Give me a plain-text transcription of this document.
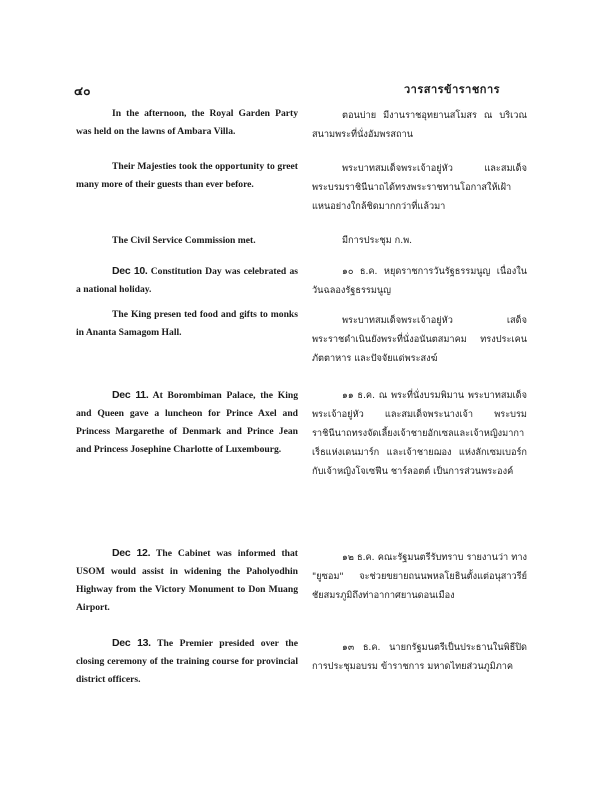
๔๐	วารสารข้าราชการ
In the afternoon, the Royal Garden Party was held on the lawns of Ambara Villa.
Their Majesties took the opportunity to greet many more of their guests than ever before.
The Civil Service Commission met.
Dec 10. Constitution Day was celebrated as a national holiday.
The King presen ted food and gifts to monks in Ananta Samagom Hall.
Dec 11. At Borombiman Palace, the King and Queen gave a luncheon for Prince Axel and Princess Margarethe of Denmark and Prince Jean and Princess Josephine Charlotte of Luxembourg.
Dec 12. The Cabinet was informed that USOM would assist in widening the Paholyodhin Highway from the Victory Monument to Don Muang Airport.
Dec 13. The Premier presided over the closing ceremony of the training course for provincial district officers.
ตอนบ่าย มีงานราชอุทยานสโมสร ณ บริเวณสนามพระที่นั่งอัมพรสถาน
พระบาทสมเด็จพระเจ้าอยู่หัว และสมเด็จพระบรมราชินีนาถได้ทรงพระราชทานโอกาสให้เฝ้าแหนอย่างใกล้ชิดมากกว่าที่แล้วมา
มีการประชุม ก.พ.
๑๐ ธ.ค. หยุดราชการวันรัฐธรรมนูญ เนื่องในวันฉลองรัฐธรรมนูญ
พระบาทสมเด็จพระเจ้าอยู่หัว เสด็จพระราชดำเนินยังพระที่นั่งอนันตสมาคม ทรงประเคนภัตตาหาร และปัจจัยแด่พระสงฆ์
๑๑ ธ.ค. ณ พระที่นั่งบรมพิมาน พระบาทสมเด็จพระเจ้าอยู่หัว และสมเด็จพระนางเจ้า พระบรมราชินีนาถทรงจัดเลี้ยงเจ้าชายอักเซลและเจ้าหญิงมากาเร็ธแห่งเดนมาร์ก และเจ้าชายฌอง แห่งลักเซมเบอร์ก กับเจ้าหญิงโจเซฟีน ชาร์ลอตต์ เป็นการส่วนพระองค์
๑๒ ธ.ค. คณะรัฐมนตรีรับทราบ รายงานว่า ทาง "ยูซอม" จะช่วยขยายถนนพหลโยธินตั้งแต่อนุสาวรีย์ชัยสมรภูมิถึงท่าอากาศยานดอนเมือง
๑๓ ธ.ค. นายกรัฐมนตรีเป็นประธานในพิธีปิดการประชุมอบรม ข้าราชการ มหาดไทยส่วนภูมิภาค
